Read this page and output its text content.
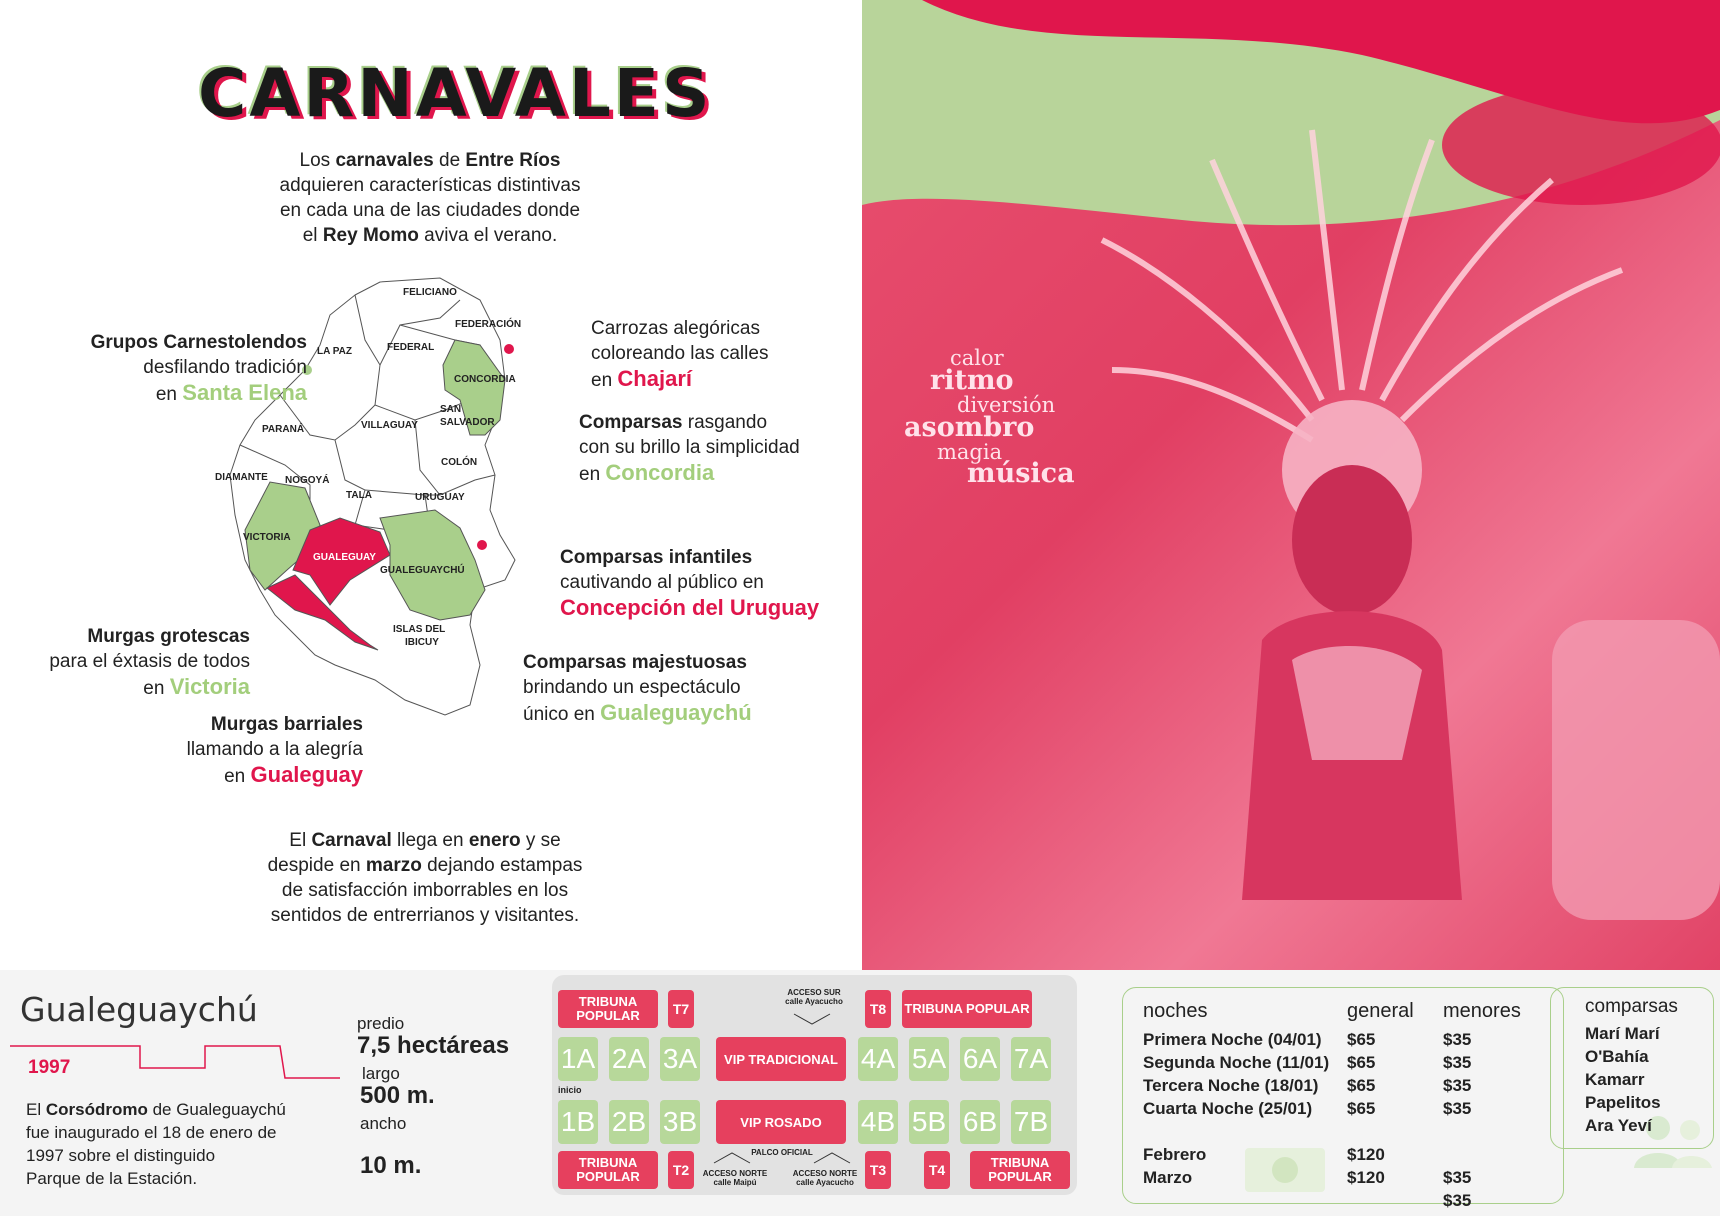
CARNAVALES
Los carnavales de Entre Ríos
adquieren características distintivas
en cada una de las ciudades donde
el Rey Momo aviva el verano.
FELICIANO
FEDERACIÓN
LA PAZ	FEDERAL
CONCORDIA
PARANÁ	VILLAGUAY
SAN
SALVADOR
COLÓN
DIAMANTE NOGOYÁ
TALA	URUGUAY
VICTORIA
GUALEGUAY
GUALEGUAYCHÚ
ISLAS DEL
IBICUY
Grupos Carnestolendos
desfilando tradición
en Santa Elena
Carrozas alegóricas
coloreando las calles
en Chajarí
Comparsas rasgando
con su brillo la simplicidad
en Concordia
Comparsas infantiles
cautivando al público en
Concepción del Uruguay
Murgas grotescas
para el éxtasis de todos
en Victoria
Comparsas majestuosas
brindando un espectáculo
único en Gualeguaychú
Murgas barriales
llamando a la alegría
en Gualeguay
El Carnaval llega en enero y se
despide en marzo dejando estampas
de satisfacción imborrables en los
sentidos de entrerrianos y visitantes.
calor
ritmo
diversión
asombro
magia
música
Gualeguaychú
1997
El Corsódromo de Gualeguaychú
fue inaugurado el 18 de enero de
1997 sobre el distinguido
Parque de la Estación.
predio
7,5 hectáreas
largo
500 m.
ancho
10 m.
TRIBUNA POPULAR	T7
ACCESO SUR
calle Ayacucho	T8	TRIBUNA POPULAR
1A 2A 3A	VIP TRADICIONAL 4A 5A 6A 7A
inicio
1B 2B 3B	VIP ROSADO	4B 5B 6B 7B
TRIBUNA POPULAR	T2
PALCO OFICIAL
ACCESO NORTE
calle Maipú
ACCESO NORTE
calle Ayacucho
T3	T4	TRIBUNA POPULAR
noches	general menores
Primera Noche (04/01)	$65	$35
Segunda Noche (11/01)	$65	$35
Tercera Noche (18/01)	$65	$35
Cuarta Noche (25/01)	$65	$35

Febrero	$120	
Marzo	$120	$35
		$35
comparsas
Marí Marí
O'Bahía
Kamarr
Papelitos
Ara Yeví
